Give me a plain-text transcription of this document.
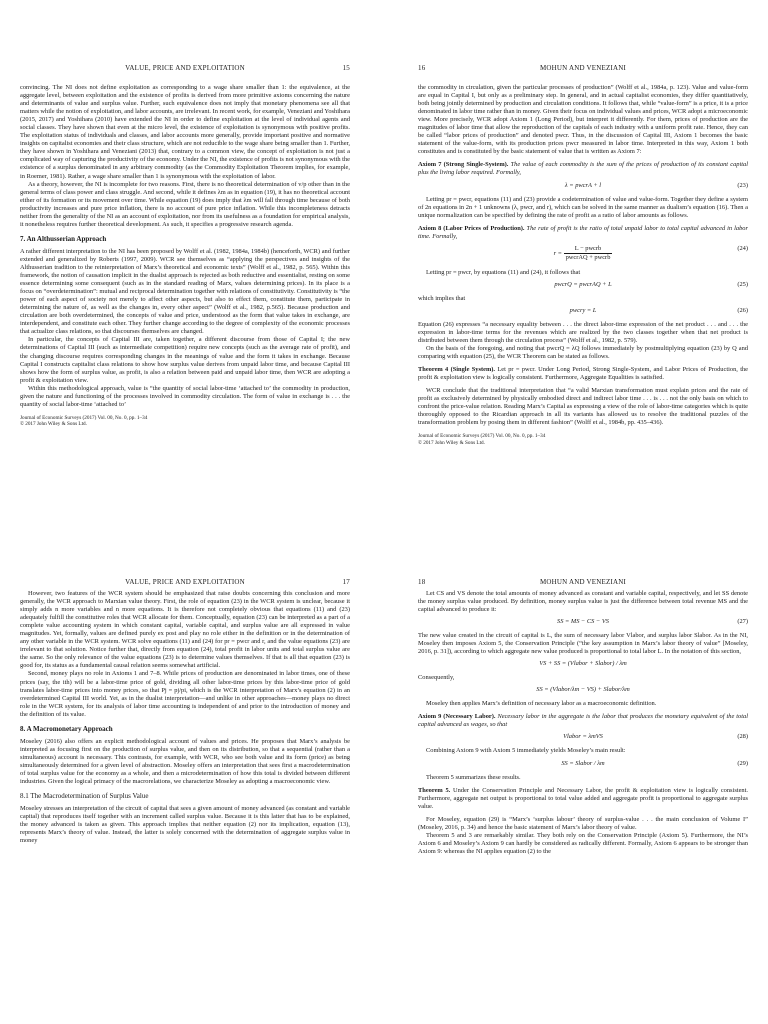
VALUE, PRICE AND EXPLOITATION	15	MOHUN AND VENEZIANI
16
VALUE, PRICE AND EXPLOITATION	17	MOHUN AND VENEZIANI
18

convincing. The NI does not define exploitation as corresponding to a wage share smaller than 1: the equivalence, at the aggregate level, between exploitation and the existence of profits is derived from more primitive axioms concerning the nature and determinants of value and surplus value. Further, such equivalence does not imply that monetary phenomena see all that matters while the notion of exploitation, and labor accounts, are irrelevant. In recent work, for example, Veneziani and Yoshihara (2015, 2017) and Yoshihara (2010) have extended the NI in order to define exploitation at the level of individual agents and social classes. They have shown that even at the micro level, the existence of exploitation is synonymous with positive profits. The exploitation status of individuals and classes, and labor accounts more generally, provide important positive and normative insights on capitalist economies and their class structure, which are not reducible to the wage share being smaller than 1. Further, they have shown in Yoshihara and Veneziani (2013) that, contrary to a common view, the concept of exploitation is not just a complicated way of capturing the productivity of the economy. Under the NI, the existence of profits is not synonymous with the existence of a surplus denominated in any arbitrary commodity (as the Commodity Exploitation Theorem implies, for example, in Roemer, 1981). Rather, a wage share smaller than 1 is synonymous with the exploitation of labor.

As a theory, however, the NI is incomplete for two reasons. First, there is no theoretical determination of v/p other than in the general terms of class power and class struggle. And second, while it defines λm as in equation (19), it has no theoretical account either of its formation or its movement over time. While equation (19) does imply that λm will fall through time because of both productivity increases and pure price inflation, there is no account of pure price inflation. While this incompleteness detracts neither from the generality of the NI as an account of exploitation, nor from its usefulness as a foundation for empirical analysis, it nonetheless requires further theoretical development. As such, it specifies a progressive research agenda.

7. An Althusserian Approach

A rather different interpretation to the NI has been proposed by Wolff et al. (1982, 1984a, 1984b) (henceforth, WCR) and further extended and generalized by Roberts (1997, 2009). WCR see themselves as “applying the perspectives and insights of the Althusserian tradition to the reinterpretation of Marx’s theoretical and economic texts” (Wolff et al., 1982, p. 565). Within this framework, the notion of causation implicit in the dualist approach is rejected as both reductive and essentialist, resting on some essence determining some consequent (such as in the standard reading of Marx, values determining prices). In its place is a focus on “overdetermination”: mutual and reciprocal determination together with relations of constitutivity. Constitutivity is “the power of each aspect of society not merely to affect other aspects, but also to effect them, constitute them, participate in determining the nature of, as well as the changes in, every other aspect” (Wolff et al., 1982, p.565). Because production and circulation are both overdetermined, the concepts of value and price, understood as the form that value takes in exchange, are interdependent, and constitute each other. They further change according to the degree of complexity of the economic processes that actualize class relations, so that discourses themselves are changed.

In particular, the concepts of Capital III are, taken together, a different discourse from those of Capital I; the new determinations of Capital III (such as intermediate competition) require new concepts (such as the average rate of profit), and the changing discourse requires corresponding changes in the meanings of value and the form it takes in exchange. Because Capital I constructs capitalist class relations to show how surplus value derives from unpaid labor time, and because Capital III shows how the form of surplus value, as profit, is also a relation between paid and unpaid labor time, then WCR are adopting a profit & exploitation view.

Within this methodological approach, value is “the quantity of social labor-time ‘attached to’ the commodity in production, given the nature and functioning of the processes involved in commodity circulation. The form of value in exchange is . . . the quantity of social labor-time ‘attached to’

Journal of Economic Surveys (2017) Vol. 00, No. 0, pp. 1–34
© 2017 John Wiley & Sons Ltd.

the commodity in circulation, given the particular processes of production” (Wolff et al., 1984a, p. 123). Value and value-form are equal in Capital I, but only as a preliminary step. In general, and in actual capitalist economies, they differ quantitatively, both being jointly determined by production and circulation conditions. It follows that, while “value-form” is a price, it is a price denominated in labor time rather than in money. Given their focus on individual values and prices, WCR adopt a microeconomic view. More precisely, WCR adopt Axiom 1 (Long Period), but interpret it differently. For them, prices of production are the magnitudes of labor time that allow the reproduction of the capitals of each industry with a uniform profit rate. Hence, they can be called “labor prices of production” and denoted pwcr. Thus, in the discussion of Capital III, Axiom 1 becomes the basic statement of the value-form, with its production prices pwcr measured in labor time. Interpreted in this way, Axiom 1 both constitutes and is constituted by the basic statement of value that is written as Axiom 7:

Axiom 7 (Strong Single-System). The value of each commodity is the sum of the prices of production of its constant capital plus the living labor required. Formally,

λ = pwcrA + l	(23)

Letting pr = pwcr, equations (11) and (23) provide a codetermination of value and value-form. Together they define a system of 2n equations in 2n + 1 unknowns (λ, pwcr, and r), which can be solved in the same manner as dualism’s equation (16). Then a unique normalization can be specified by defining the rate of profit as a ratio of labor amounts as follows.

Axiom 8 (Labor Prices of Production). The rate of profit is the ratio of total unpaid labor to total capital advanced in labor time. Formally,

$r = \frac{\text{L − pwcrb}}{\text{pwcrAQ + pwcrb}}$	(24)

Letting pr = pwcr, by equations (11) and (24), it follows that

pwcrQ = pwcrAQ + L	(25)

which implies that

pwcry = L	(26)

Equation (26) expresses “a necessary equality between . . . the direct labor-time expression of the net product . . . and . . . the expression in labor-time terms for the revenues which are realized by the two classes together when that net product is distributed between them through the circulation process” (Wolff et al., 1982, p. 579).

On the basis of the foregoing, and noting that pwcrQ = λQ follows immediately by postmultiplying equation (23) by Q and comparing with equation (25), the WCR Theorem can be stated as follows.

Theorem 4 (Single System). Let pr = pwcr. Under Long Period, Strong Single-System, and Labor Prices of Production, the profit & exploitation view is logically consistent. Furthermore, Aggregate Equalities is satisfied.

WCR conclude that the traditional interpretation that “a valid Marxian transformation must explain prices and the rate of profit as exclusively determined by physically embodied direct and indirect labor time . . . is . . . not the only basis on which to confront the price-value relation. Reading Marx’s Capital as expressing a view of the role of labor-time categories which is quite thoroughly opposed to the Ricardian approach in all its variants has allowed us to resolve the traditional puzzles of the transformation problem by posing them in different fashion” (Wolff et al., 1984b, pp. 435–436).

Journal of Economic Surveys (2017) Vol. 00, No. 0, pp. 1–34
© 2017 John Wiley & Sons Ltd.

However, two features of the WCR system should be emphasized that raise doubts concerning this conclusion and more generally, the WCR approach to Marxian value theory. First, the role of equation (23) in the WCR system is unclear, because it simply adds n more variables and n more equations. It is therefore not completely obvious that equations (11) and (23) adequately fulfill the constitutive roles that WCR allocate for them. Conceptually, equation (23) can be interpreted as a part of a complete value accounting system in which constant capital, variable capital, and surplus value are all expressed in value magnitudes. Yet, formally, values are defined purely ex post and play no role either in the definition or in the determination of any other variable in the WCR system. WCR solve equations (11) and (24) for pr = pwcr and r, and the value equations (23) are irrelevant to that solution. Notice further that, directly from equation (24), total profit in labor units and total surplus value are the same. So the only relevance of the value equations (23) is to determine values themselves. If that is all that equation (23) is good for, its status as a fundamental causal relation seems somewhat artificial.

Second, money plays no role in Axioms 1 and 7–8. While prices of production are denominated in labor times, one of these prices (say, the ith) will be a labor-time price of gold, dividing all other labor-time prices by this labor-time price of gold translates labor-time prices into money prices, so that Pj = pj/pi, which is the WCR interpretation of Marx’s equation (2) in an overdetermined Capital III world. Yet, as in the dualist interpretation—and unlike in other approaches—money plays no direct role in the WCR system, for its analysis of labor time accounting is independent of and prior to the introduction of money and the definition of its value.

8. A Macromonetary Approach

Moseley (2016) also offers an explicit methodological account of values and prices. He proposes that Marx’s analysis be interpreted as focusing first on the production of surplus value, and then on its distribution, so that a sequential (rather than a simultaneous) account is necessary. This contrasts, for example, with WCR, who see both value and its form (price) as being simultaneously determined for a given level of abstraction. Moseley offers an interpretation that sees first a macrodetermination of total surplus value for the economy as a whole, and then a microdetermination of how this total is divided between different industries. Given the logical primacy of the macrorelations, we characterize Moseley as adopting a macroeconomic view.

8.1 The Macrodetermination of Surplus Value

Moseley stresses an interpretation of the circuit of capital that sees a given amount of money advanced (as constant and variable capital) that reproduces itself together with an increment called surplus value. Because it is this latter that has to be explained, the money advanced is taken as given. This approach implies that neither equation (2) nor its implication, equation (13), represents Marx’s theory of value. Instead, the latter is solely concerned with the determination of aggregate surplus value in money

Let CS and VS denote the total amounts of money advanced as constant and variable capital, respectively, and let SS denote the money surplus value produced. By definition, money surplus value is just the difference between total revenue MS and the capital advanced to produce it:

SS = MS − CS − VS	(27)

The new value created in the circuit of capital is L, the sum of necessary labor Vlabor, and surplus labor Slabor. As in the NI, Moseley then imposes Axiom 5, the Conservation Principle (“the key assumption in Marx’s labor theory of value” [Moseley, 2016, p. 31]), according to which aggregate new value produced is proportional to total labor L. In the notation of this section,

VS + SS = (Vlabor + Slabor) / λm

Consequently,

SS = (Vlabor/λm − VS) + Slabor/λm

Moseley then applies Marx’s definition of necessary labor as a macroeconomic definition.

Axiom 9 (Necessary Labor). Necessary labor in the aggregate is the labor that produces the monetary equivalent of the total capital advanced as wages, so that

Vlabor = λmVS	(28)

Combining Axiom 9 with Axiom 5 immediately yields Moseley’s main result:

SS = Slabor / λm	(29)

Theorem 5 summarizes these results.

Theorem 5. Under the Conservation Principle and Necessary Labor, the profit & exploitation view is logically consistent. Furthermore, aggregate net output is proportional to total value added and aggregate profit is proportional to aggregate surplus value.

For Moseley, equation (29) is “Marx’s ‘surplus labour’ theory of surplus-value . . . the main conclusion of Volume I” (Moseley, 2016, p. 34) and hence the basic statement of Marx’s labor theory of value.

Theorem 5 and 3 are remarkably similar. They both rely on the Conservation Principle (Axiom 5). Furthermore, the NI’s Axiom 6 and Moseley’s Axiom 9 can hardly be considered as radically different. Formally, Axiom 6 appears to be stronger than Axiom 9: whereas the NI applies equation (2) to the
